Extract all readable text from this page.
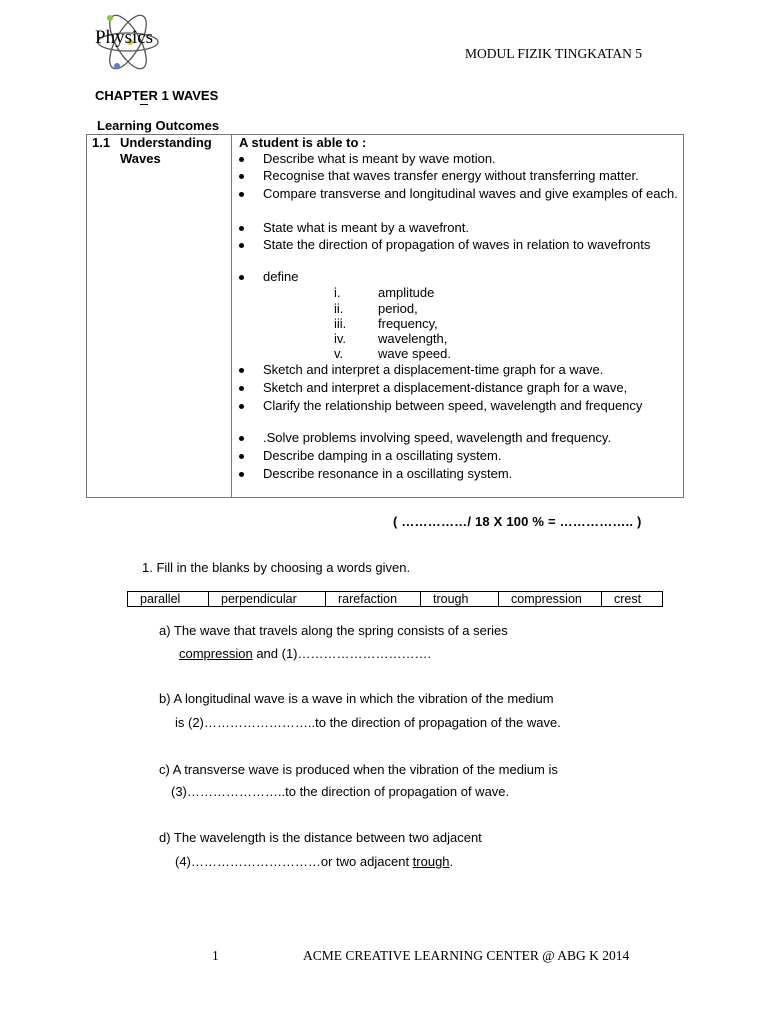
Physics
MODUL FIZIK TINGKATAN 5
CHAPTER 1 WAVES
Learning Outcomes
1.1 Understanding Waves
A student is able to :
Describe what is meant by wave motion.
Recognise that waves transfer energy without transferring matter.
Compare transverse and longitudinal waves and give examples of each.
State what is meant by a wavefront.
State the direction of propagation of waves in relation to wavefronts
define
i.	amplitude
ii.	period,
iii. frequency,
iv. wavelength,
v.	wave speed.
Sketch and interpret a displacement-time graph for a wave.
Sketch and interpret a displacement-distance graph for a wave,
Clarify the relationship between speed, wavelength and frequency
.Solve problems involving speed, wavelength and frequency.
Describe damping in a oscillating system.
Describe resonance in a oscillating system.
( ……………/ 18 X 100 % = …………….. )
1. Fill in the blanks by choosing a words given.
parallel	perpendicular	rarefaction	trough	compression	crest
a) The wave that travels along the spring consists of a series
compression and (1)………………………….
b) A longitudinal wave is a wave in which the vibration of the medium
is (2)……………………..to the direction of propagation of the wave.
c) A transverse wave is produced when the vibration of the medium is
(3)…………………..to the direction of propagation of wave.
d) The wavelength is the distance between two adjacent
(4)…………………………or two adjacent trough.
1	ACME CREATIVE LEARNING CENTER @ ABG K 2014
